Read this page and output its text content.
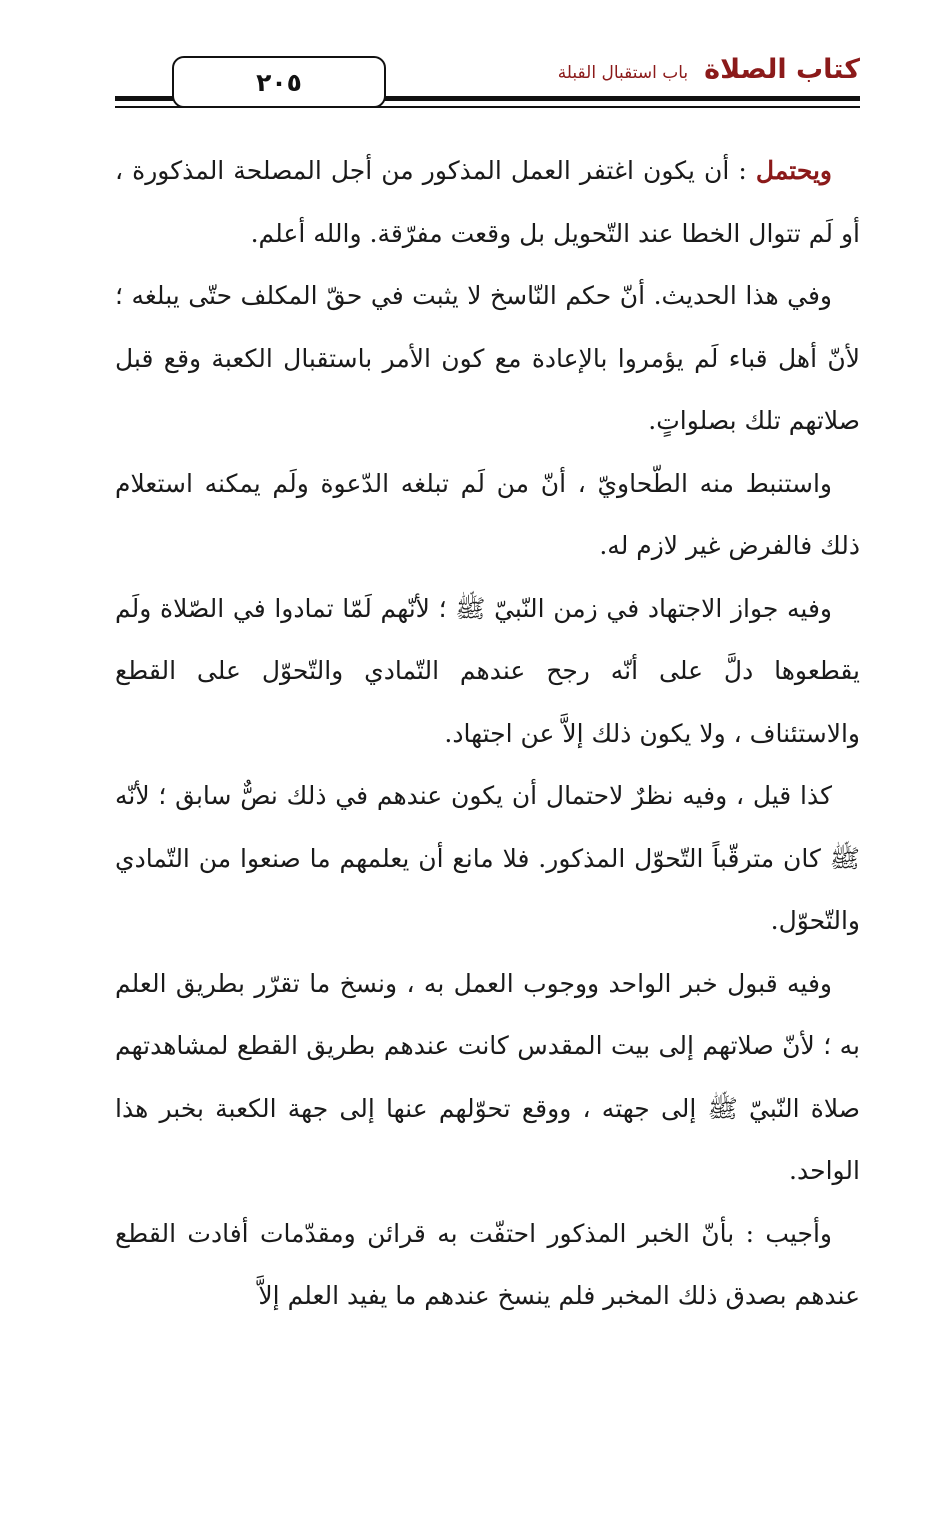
٢٠٥	كتاب الصلاة
باب استقبال القبلة

ويحتمل : أن يكون اغتفر العمل المذكور من أجل المصلحة المذكورة ، أو لَم تتوال الخطا عند التّحويل بل وقعت مفرّقة. والله أعلم.

وفي هذا الحديث. أنّ حكم النّاسخ لا يثبت في حقّ المكلف حتّى يبلغه ؛ لأنّ أهل قباء لَم يؤمروا بالإعادة مع كون الأمر باستقبال الكعبة وقع قبل صلاتهم تلك بصلواتٍ.

واستنبط منه الطّحاويّ ، أنّ من لَم تبلغه الدّعوة ولَم يمكنه استعلام ذلك فالفرض غير لازم له.

وفيه جواز الاجتهاد في زمن النّبيّ ﷺ ؛ لأنّهم لَمّا تمادوا في الصّلاة ولَم يقطعوها دلَّ على أنّه رجح عندهم التّمادي والتّحوّل على القطع والاستئناف ، ولا يكون ذلك إلاَّ عن اجتهاد.

كذا قيل ، وفيه نظرٌ لاحتمال أن يكون عندهم في ذلك نصٌّ سابق ؛ لأنّه ﷺ كان مترقّباً التّحوّل المذكور. فلا مانع أن يعلمهم ما صنعوا من التّمادي والتّحوّل.

وفيه قبول خبر الواحد ووجوب العمل به ، ونسخ ما تقرّر بطريق العلم به ؛ لأنّ صلاتهم إلى بيت المقدس كانت عندهم بطريق القطع لمشاهدتهم صلاة النّبيّ ﷺ إلى جهته ، ووقع تحوّلهم عنها إلى جهة الكعبة بخبر هذا الواحد.

وأجيب : بأنّ الخبر المذكور احتفّت به قرائن ومقدّمات أفادت القطع عندهم بصدق ذلك المخبر فلم ينسخ عندهم ما يفيد العلم إلاَّ
